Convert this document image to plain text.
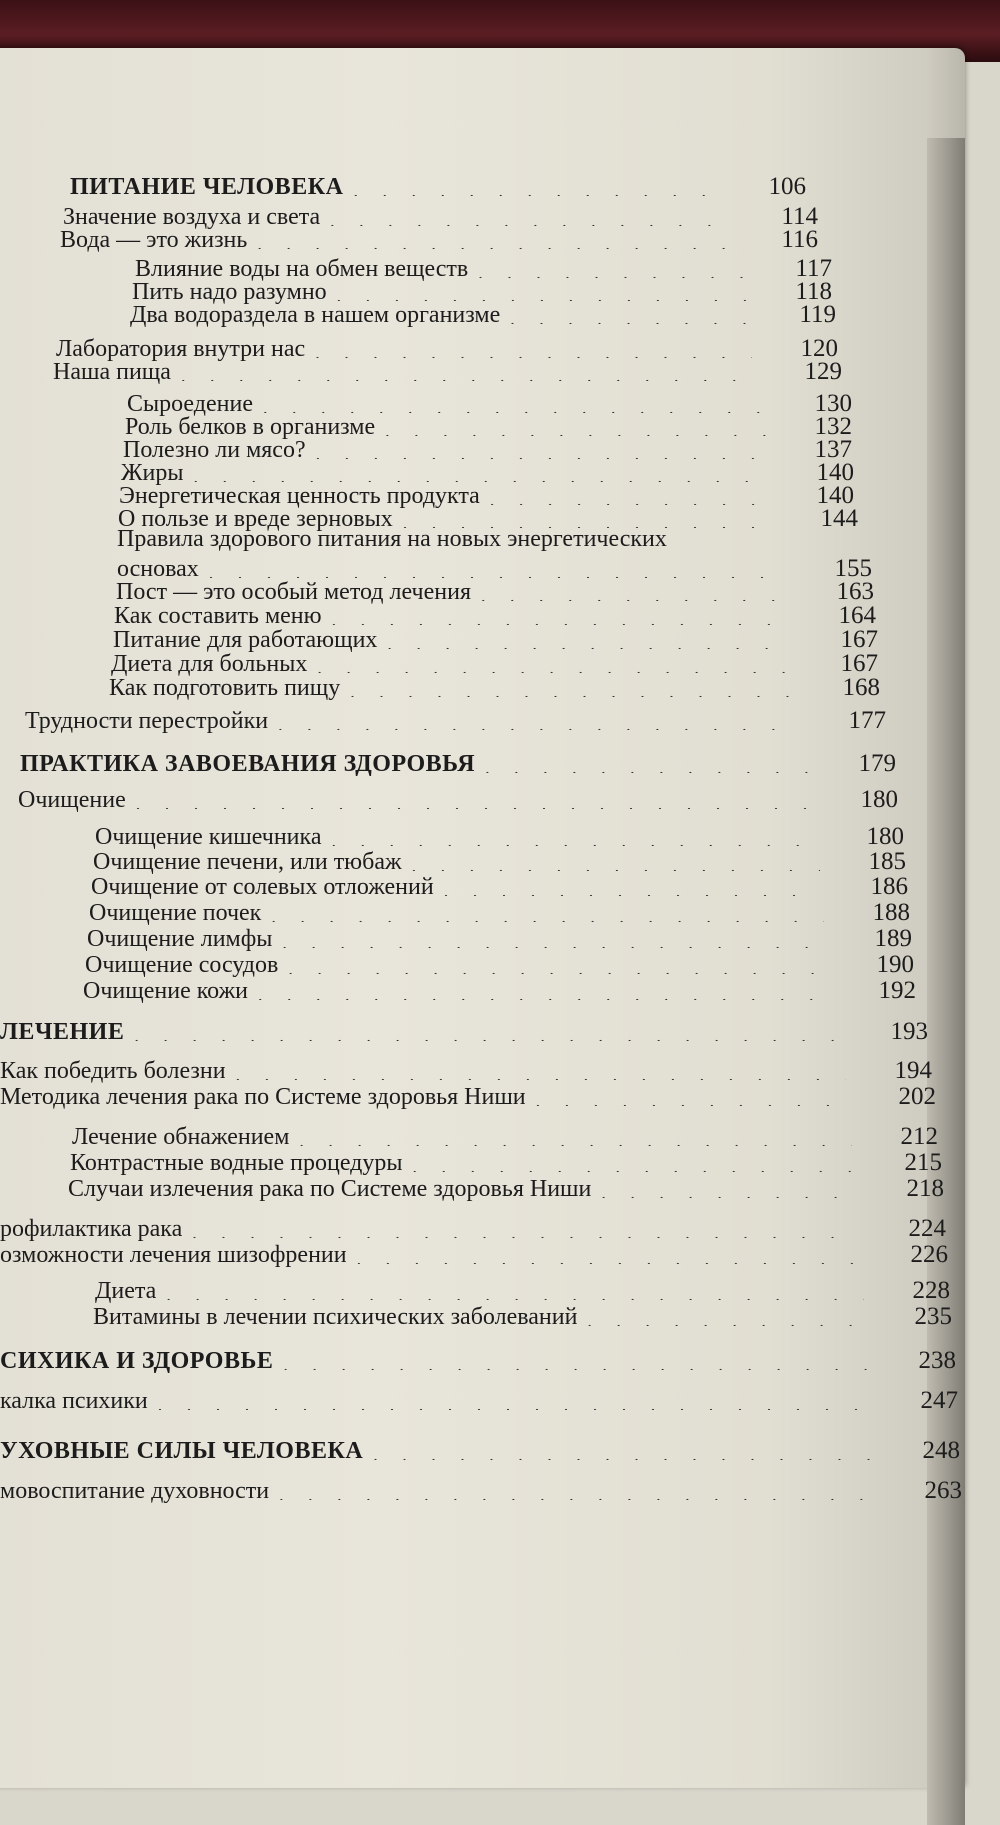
ПИТАНИЕ ЧЕЛОВЕКА . . .	106
Значение воздуха и света . . .	114
Вода — это жизнь . . .	116
Влияние воды на обмен веществ . . .	117
Пить надо разумно . . .	118
Два водораздела в нашем организме . . .	119
Лаборатория внутри нас . . .	120
Наша пища . . .	129
Сыроедение . . .	130
Роль белков в организме . . .	132
Полезно ли мясо? . . .	137
Жиры . . .	140
Энергетическая ценность продукта . . .	140
О пользе и вреде зерновых . . .	144
Правила здорового питания на новых энергетических
основах . . .	155
Пост — это особый метод лечения . . .	163
Как составить меню . . .	164
Питание для работающих . . .	167
Диета для больных . . .	167
Как подготовить пищу . . .	168
Трудности перестройки . . .	177
ПРАКТИКА ЗАВОЕВАНИЯ ЗДОРОВЬЯ . . .	179
Очищение . . .	180
Очищение кишечника . . .	180
Очищение печени, или тюбаж . . .	185
Очищение от солевых отложений . . .	186
Очищение почек . . .	188
Очищение лимфы . . .	189
Очищение сосудов . . .	190
Очищение кожи . . .	192
ЛЕЧЕНИЕ . . .	193
Как победить болезни . . .	194
Методика лечения рака по Системе здоровья Ниши . . .	202
Лечение обнажением . . .	212
Контрастные водные процедуры . . .	215
Случаи излечения рака по Системе здоровья Ниши . . .	218
рофилактика рака . . .	224
озможности лечения шизофрении . . .	226
Диета . . .	228
Витамины в лечении психических заболеваний . . .	235
СИХИКА И ЗДОРОВЬЕ . . .	238
калка психики . . .	247
УХОВНЫЕ СИЛЫ ЧЕЛОВЕКА . . .	248
мовоспитание духовности . . .	263
